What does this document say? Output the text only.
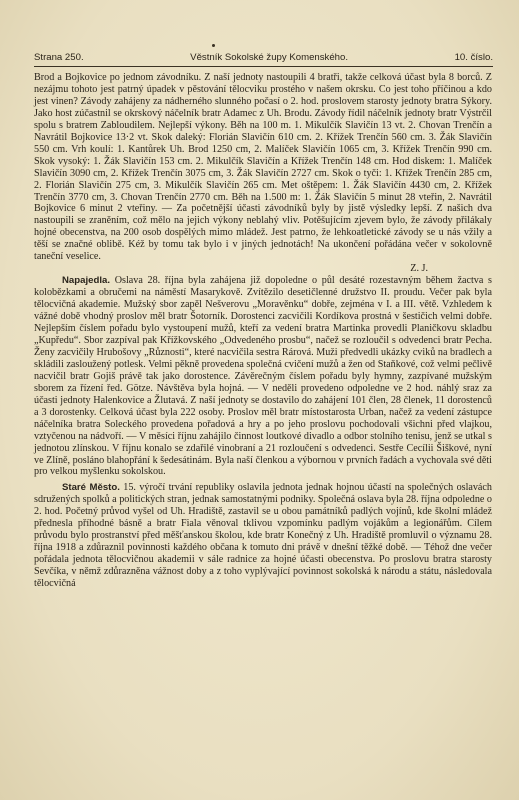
Strana 250.	Věstník Sokolské župy Komenského.	10. číslo.

Brod a Bojkovice po jednom závodníku. Z naší jednoty nastoupili 4 bratři, takže celková účast byla 8 borců. Z nezájmu tohoto jest patrný úpadek v pěstování tělocviku prostého v našem okrsku. Co jest toho příčinou a kdo jest vinen? Závody zahájeny za nádherného slunného počasí o 2. hod. proslovem starosty jednoty bratra Sýkory. Jako host zúčastnil se okrskový náčelník bratr Adamec z Uh. Brodu. Závody řídil náčelník jednoty bratr Výstrčil spolu s bratrem Zabloudilem. Nejlepší výkony. Běh na 100 m. 1. Mikulčík Slavičín 13 vt. 2. Chovan Trenčín a Navrátil Bojkovice 13·2 vt. Skok daleký: Florián Slavičín 610 cm. 2. Křížek Trenčín 560 cm. 3. Žák Slavičín 550 cm. Vrh koulí: 1. Kantůrek Uh. Brod 1250 cm, 2. Malíček Slavičín 1065 cm, 3. Křížek Trenčín 990 cm. Skok vysoký: 1. Žák Slavičín 153 cm. 2. Mikulčík Slavičín a Křížek Trenčín 148 cm. Hod diskem: 1. Malíček Slavičín 3090 cm, 2. Křížek Trenčín 3075 cm, 3. Žák Slavičín 2727 cm. Skok o tyči: 1. Křížek Trenčín 285 cm, 2. Florián Slavičín 275 cm, 3. Mikulčík Slavičín 265 cm. Met oštěpem: 1. Žák Slavičín 4430 cm, 2. Křížek Trenčín 3770 cm, 3. Chovan Trenčín 2770 cm. Běh na 1.500 m: 1. Žák Slavičín 5 minut 28 vteřin, 2. Navrátil Bojkovice 6 minut 2 vteřiny. — Za početnější účasti závodníků byly by jistě výsledky lepší. Z našich dva nastoupili se zraněním, což mělo na jejich výkony neblahý vliv. Potěšujícím zjevem bylo, že závody přilákaly hojné obecenstva, na 200 osob dospělých mimo mládež. Jest patrno, že lehkoatletické závody se u nás vžily a těší se značné oblibě. Kéž by tomu tak bylo i v jiných jednotách! Na ukončení pořádána večer v sokolovně taneční veselice.

Z. J.

Napajedla. Oslava 28. října byla zahájena již dopoledne o půl desáté rozestavným během žactva s kolobězkami a obručemi na náměstí Masarykově. Zvítězilo desetičlenné družstvo II. proudu. Večer pak byla tělocvičná akademie. Mužský sbor zapěl Nešverovu „Moravěnku“ dobře, zejména v I. a III. větě. Vzhledem k vážné době vhodný proslov měl bratr Šotorník. Dorostenci zacvičili Kordíkova prostná v šestičich velmi dobře. Nejlepším číslem pořadu bylo vystoupení mužů, kteří za vedení bratra Martinka provedli Planičkovu skladbu „Kupředu“. Sbor zazpíval pak Křížkovského „Odvedeného prosbu“, načež se rozloučil s odvedenci bratr Pecha. Ženy zacvičily Hrubošovy „Různosti“, které nacvičila sestra Rárová. Muži předvedli ukázky cviků na bradlech a skládili zasloužený potlesk. Velmi pěkně provedena společná cvičení mužů a žen od Staňkové, což velmi pečlivě nacvičil bratr Gojiš právě tak jako dorostence. Závěrečným číslem pořadu byly hymny, zazpívané mužským sborem za řízení řed. Götze. Návštěva byla hojná. — V neděli provedeno odpoledne ve 2 hod. náhlý sraz za účasti jednoty Halenkovice a Žlutavá. Z naší jednoty se dostavilo do zahájení 101 člen, 28 členek, 11 dorostenců a 3 dorostenky. Celková účast byla 222 osoby. Proslov měl bratr místostarosta Urban, načež za vedení zástupce náčelníka bratra Soleckého provedena pořadová a hry a po jeho proslovu pochodovali všichni před vlajkou, vztyčenou na nádvoří. — V měsíci říjnu zahájilo činnost loutkové divadlo a odbor stolního tenisu, jenž se utkal s jednotou zlínskou. V říjnu konalo se zdařilé vinobraní a 21 rozloučení s odvedenci. Sestře Cecílii Šiškové, nyní ve Zlíně, posláno blahopřání k šedesátinám. Byla naší členkou a výbornou v prvních řadách a vychovala své děti pro velkou myšlenku sokolskou.

Staré Město. 15. výročí trvání republiky oslavila jednota jednak hojnou účastí na společných oslavách sdružených spolků a politických stran, jednak samostatnými podniky. Společná oslava byla 28. října odpoledne o 2. hod. Početný průvod vyšel od Uh. Hradiště, zastavil se u obou památníků padlých vojínů, kde školní mládež přednesla příhodné básně a bratr Fiala věnoval tklivou vzpomínku padlým vojákům a legionářům. Cílem průvodu bylo prostranství před měšťanskou školou, kde bratr Konečný z Uh. Hradiště promluvil o významu 28. října 1918 a zdůraznil povinnosti každého občana k tomuto dni právě v dnešní těžké době. — Téhož dne večer pořádala jednota tělocvičnou akademii v sále radnice za hojné účasti obecenstva. Po proslovu bratra starosty Sevčíka, v němž zdůrazněna vážnost doby a z toho vyplývající povinnost sokolská k národu a státu, následovala tělocvičná
